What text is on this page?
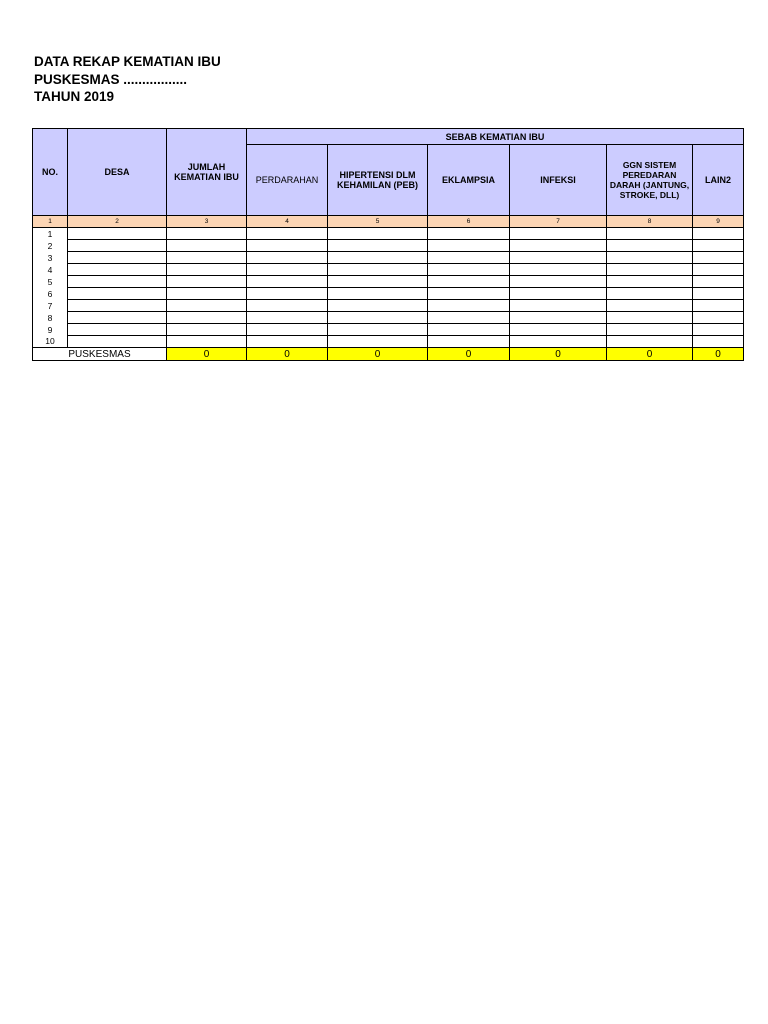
DATA REKAP KEMATIAN IBU
PUSKESMAS .................
TAHUN 2019
NO.	DESA	JUMLAH KEMATIAN IBU	SEBAB KEMATIAN IBU					
			PERDARAHAN	HIPERTENSI DLM KEHAMILAN (PEB)	EKLAMPSIA	INFEKSI	GGN SISTEM PEREDARAN DARAH (JANTUNG, STROKE, DLL)	LAIN2
1	2	3	4	5	6	7	8	9
1								
2								
3								
4								
5								
6								
7								
8								
9								
10								
PUSKESMAS		0	0	0	0	0	0	0
